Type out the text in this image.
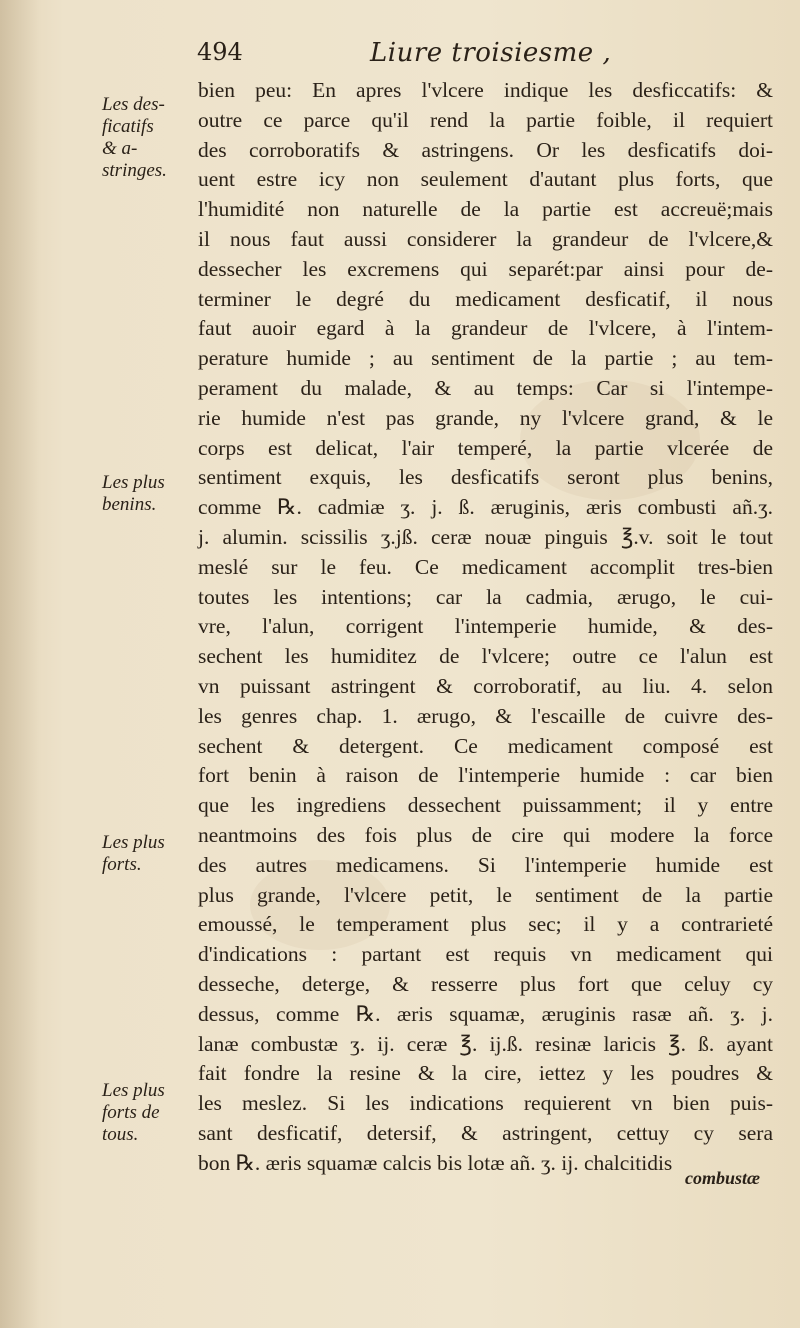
494	Liure troisiesme ,
Les des-
ficatifs
& a-
stringes.
Les plus
benins.
Les plus
forts.
Les plus
forts de
tous.
bien peu: En apres l'vlcere indique les desficcatifs: &
outre ce parce qu'il rend la partie foible, il requiert
des corroboratifs & astringens. Or les desficatifs doi-
uent estre icy non seulement d'autant plus forts, que
l'humidité non naturelle de la partie est accreuë;mais
il nous faut aussi considerer la grandeur de l'vlcere,&
dessecher les excremens qui separét:par ainsi pour de-
terminer le degré du medicament desficatif, il nous
faut auoir egard à la grandeur de l'vlcere, à l'intem-
perature humide ; au sentiment de la partie ; au tem-
perament du malade, & au temps: Car si l'intempe-
rie humide n'est pas grande, ny l'vlcere grand, & le
corps est delicat, l'air temperé, la partie vlcerée de
sentiment exquis, les desficatifs seront plus benins,
comme ℞. cadmiæ ʒ. j. ß. æruginis, æris combusti añ.ʒ.
j. alumin. scissilis ʒ.jß. ceræ nouæ pinguis ℥.v. soit le tout
meslé sur le feu. Ce medicament accomplit tres-bien
toutes les intentions; car la cadmia, ærugo, le cui-
vre, l'alun, corrigent l'intemperie humide, & des-
sechent les humiditez de l'vlcere; outre ce l'alun est
vn puissant astringent & corroboratif, au liu. 4. selon
les genres chap. 1. ærugo, & l'escaille de cuivre des-
sechent & detergent. Ce medicament composé est
fort benin à raison de l'intemperie humide : car bien
que les ingrediens dessechent puissamment; il y entre
neantmoins des fois plus de cire qui modere la force
des autres medicamens. Si l'intemperie humide est
plus grande, l'vlcere petit, le sentiment de la partie
emoussé, le temperament plus sec; il y a contrarieté
d'indications : partant est requis vn medicament qui
desseche, deterge, & resserre plus fort que celuy cy
dessus, comme ℞. æris squamæ, æruginis rasæ añ. ʒ. j.
lanæ combustæ ʒ. ij. ceræ ℥. ij.ß. resinæ laricis ℥. ß. ayant
fait fondre la resine & la cire, iettez y les poudres &
les meslez. Si les indications requierent vn bien puis-
sant desficatif, detersif, & astringent, cettuy cy sera
bon ℞. æris squamæ calcis bis lotæ añ. ʒ. ij. chalcitidis
combustæ
